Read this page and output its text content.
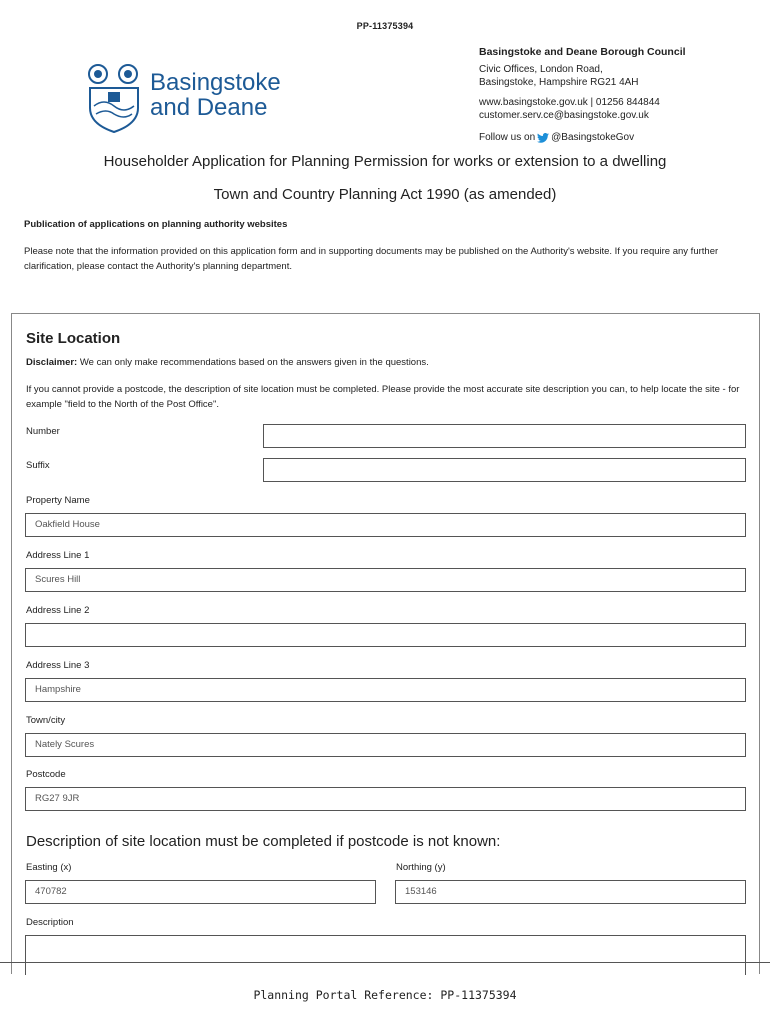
PP-11375394
Basingstoke
and Deane
Basingstoke and Deane Borough Council
Civic Offices, London Road,
Basingstoke, Hampshire RG21 4AH
www.basingstoke.gov.uk | 01256 844844
customer.serv.ce@basingstoke.gov.uk
Follow us on @BasingstokeGov
Householder Application for Planning Permission for works or extension to a dwelling
Town and Country Planning Act 1990 (as amended)
Publication of applications on planning authority websites
Please note that the information provided on this application form and in supporting documents may be published on the Authority's website. If you require any further clarification, please contact the Authority's planning department.
Site Location
Disclaimer: We can only make recommendations based on the answers given in the questions.
If you cannot provide a postcode, the description of site location must be completed. Please provide the most accurate site description you can, to help locate the site - for example "field to the North of the Post Office".
Number
Suffix
Property Name
Oakfield House
Address Line 1
Scures Hill
Address Line 2
Address Line 3
Hampshire
Town/city
Nately Scures
Postcode
RG27 9JR
Description of site location must be completed if postcode is not known:
Easting (x)
470782
Northing (y)
153146
Description
Planning Portal Reference: PP-11375394
